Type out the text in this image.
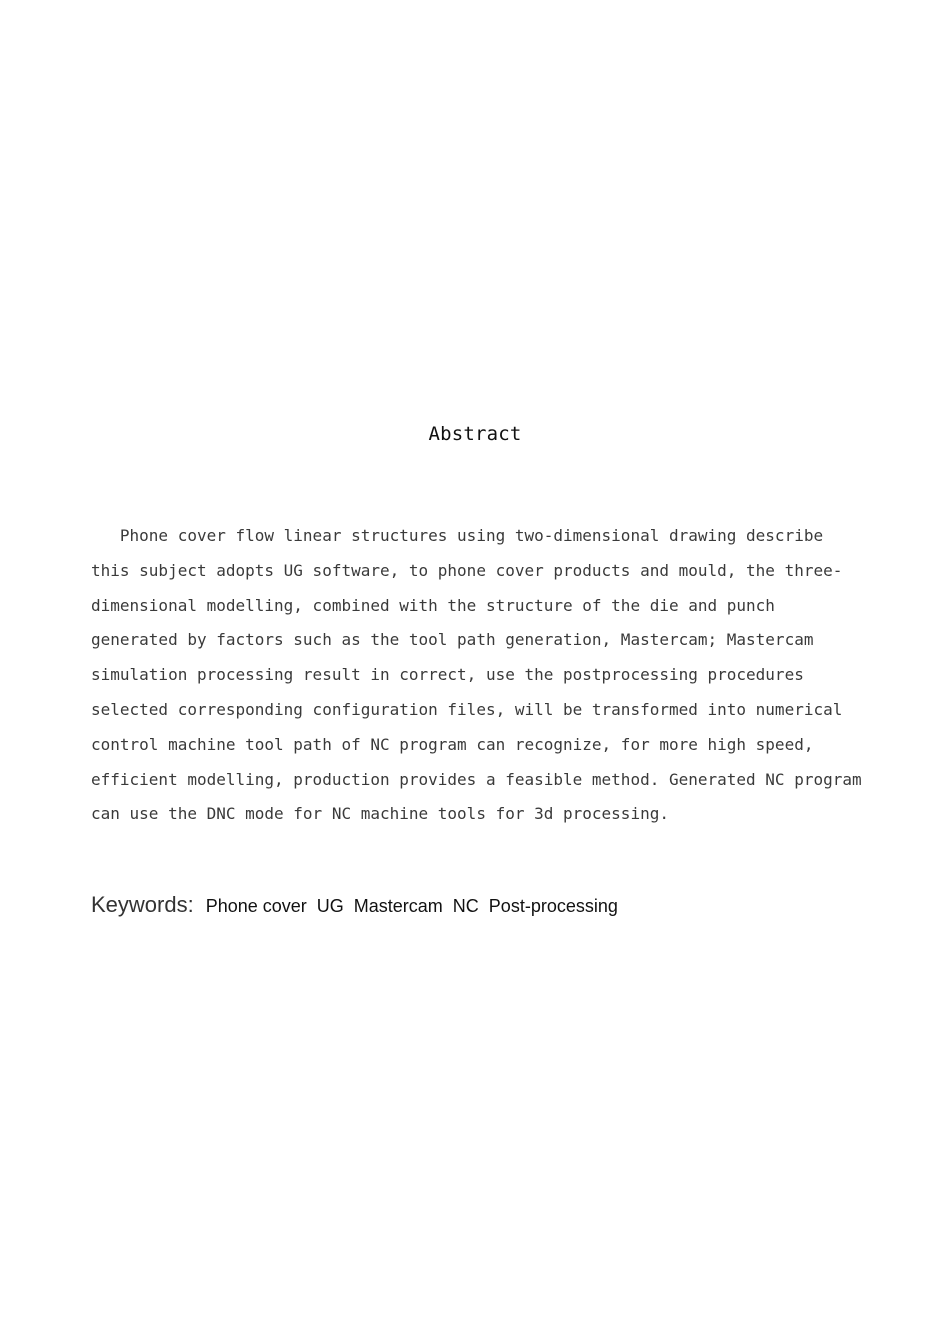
Abstract
Phone cover flow linear structures using two-dimensional drawing describe
this subject adopts UG software, to phone cover products and mould, the three-
dimensional modelling, combined with the structure of the die and punch
generated by factors such as the tool path generation, Mastercam; Mastercam
simulation processing result in correct, use the postprocessing procedures
selected corresponding configuration files, will be transformed into numerical
control machine tool path of NC program can recognize, for more high speed,
efficient modelling, production provides a feasible method. Generated NC program
can use the DNC mode for NC machine tools for 3d processing.
Keywords: Phone cover  UG  Mastercam  NC  Post-processing
